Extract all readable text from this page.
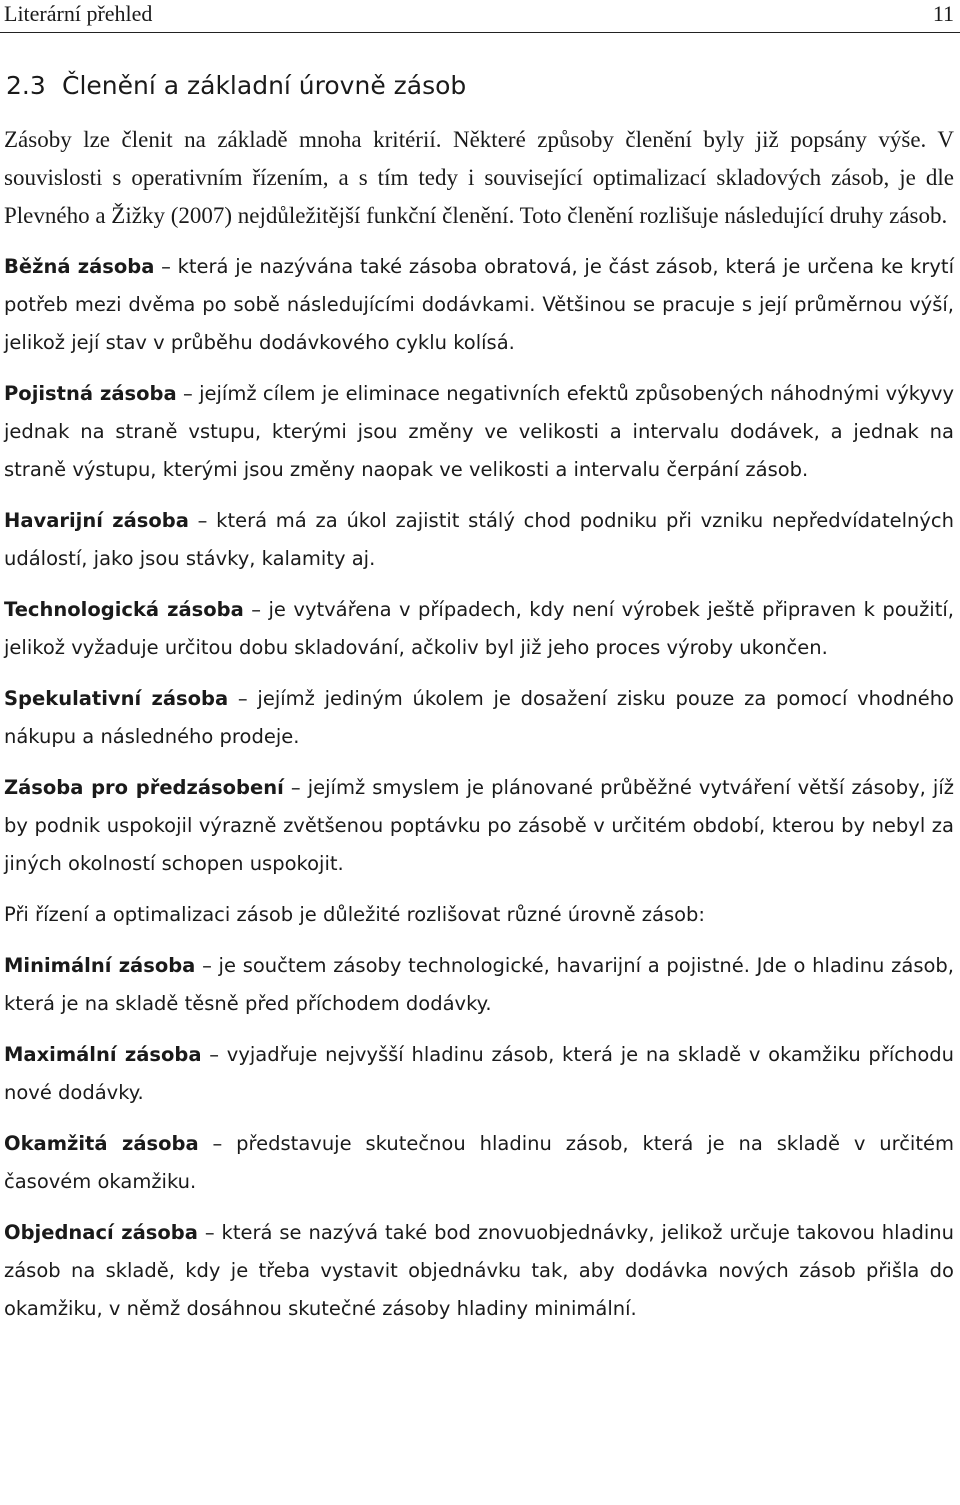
Literární přehled	11
2.3 Členění a základní úrovně zásob

Zásoby lze členit na základě mnoha kritérií. Některé způsoby členění byly již popsány výše. V souvislosti s operativním řízením, a s tím tedy i související optimalizací skladových zásob, je dle Plevného a Žižky (2007) nejdůležitější funkční členění. Toto členění rozlišuje následující druhy zásob.

Běžná zásoba – která je nazývána také zásoba obratová, je část zásob, která je určena ke krytí potřeb mezi dvěma po sobě následujícími dodávkami. Většinou se pracuje s její průměrnou výší, jelikož její stav v průběhu dodávkového cyklu kolísá.

Pojistná zásoba – jejímž cílem je eliminace negativních efektů způsobených náhodnými výkyvy jednak na straně vstupu, kterými jsou změny ve velikosti a intervalu dodávek, a jednak na straně výstupu, kterými jsou změny naopak ve velikosti a intervalu čerpání zásob.

Havarijní zásoba – která má za úkol zajistit stálý chod podniku při vzniku nepředvídatelných událostí, jako jsou stávky, kalamity aj.

Technologická zásoba – je vytvářena v případech, kdy není výrobek ještě připraven k použití, jelikož vyžaduje určitou dobu skladování, ačkoliv byl již jeho proces výroby ukončen.

Spekulativní zásoba – jejímž jediným úkolem je dosažení zisku pouze za pomocí vhodného nákupu a následného prodeje.

Zásoba pro předzásobení – jejímž smyslem je plánované průběžné vytváření větší zásoby, jíž by podnik uspokojil výrazně zvětšenou poptávku po zásobě v určitém období, kterou by nebyl za jiných okolností schopen uspokojit.

Při řízení a optimalizaci zásob je důležité rozlišovat různé úrovně zásob:

Minimální zásoba – je součtem zásoby technologické, havarijní a pojistné. Jde o hladinu zásob, která je na skladě těsně před příchodem dodávky.

Maximální zásoba – vyjadřuje nejvyšší hladinu zásob, která je na skladě v okamžiku příchodu nové dodávky.

Okamžitá zásoba – představuje skutečnou hladinu zásob, která je na skladě v určitém časovém okamžiku.

Objednací zásoba – která se nazývá také bod znovuobjednávky, jelikož určuje takovou hladinu zásob na skladě, kdy je třeba vystavit objednávku tak, aby dodávka nových zásob přišla do okamžiku, v němž dosáhnou skutečné zásoby hladiny minimální.
